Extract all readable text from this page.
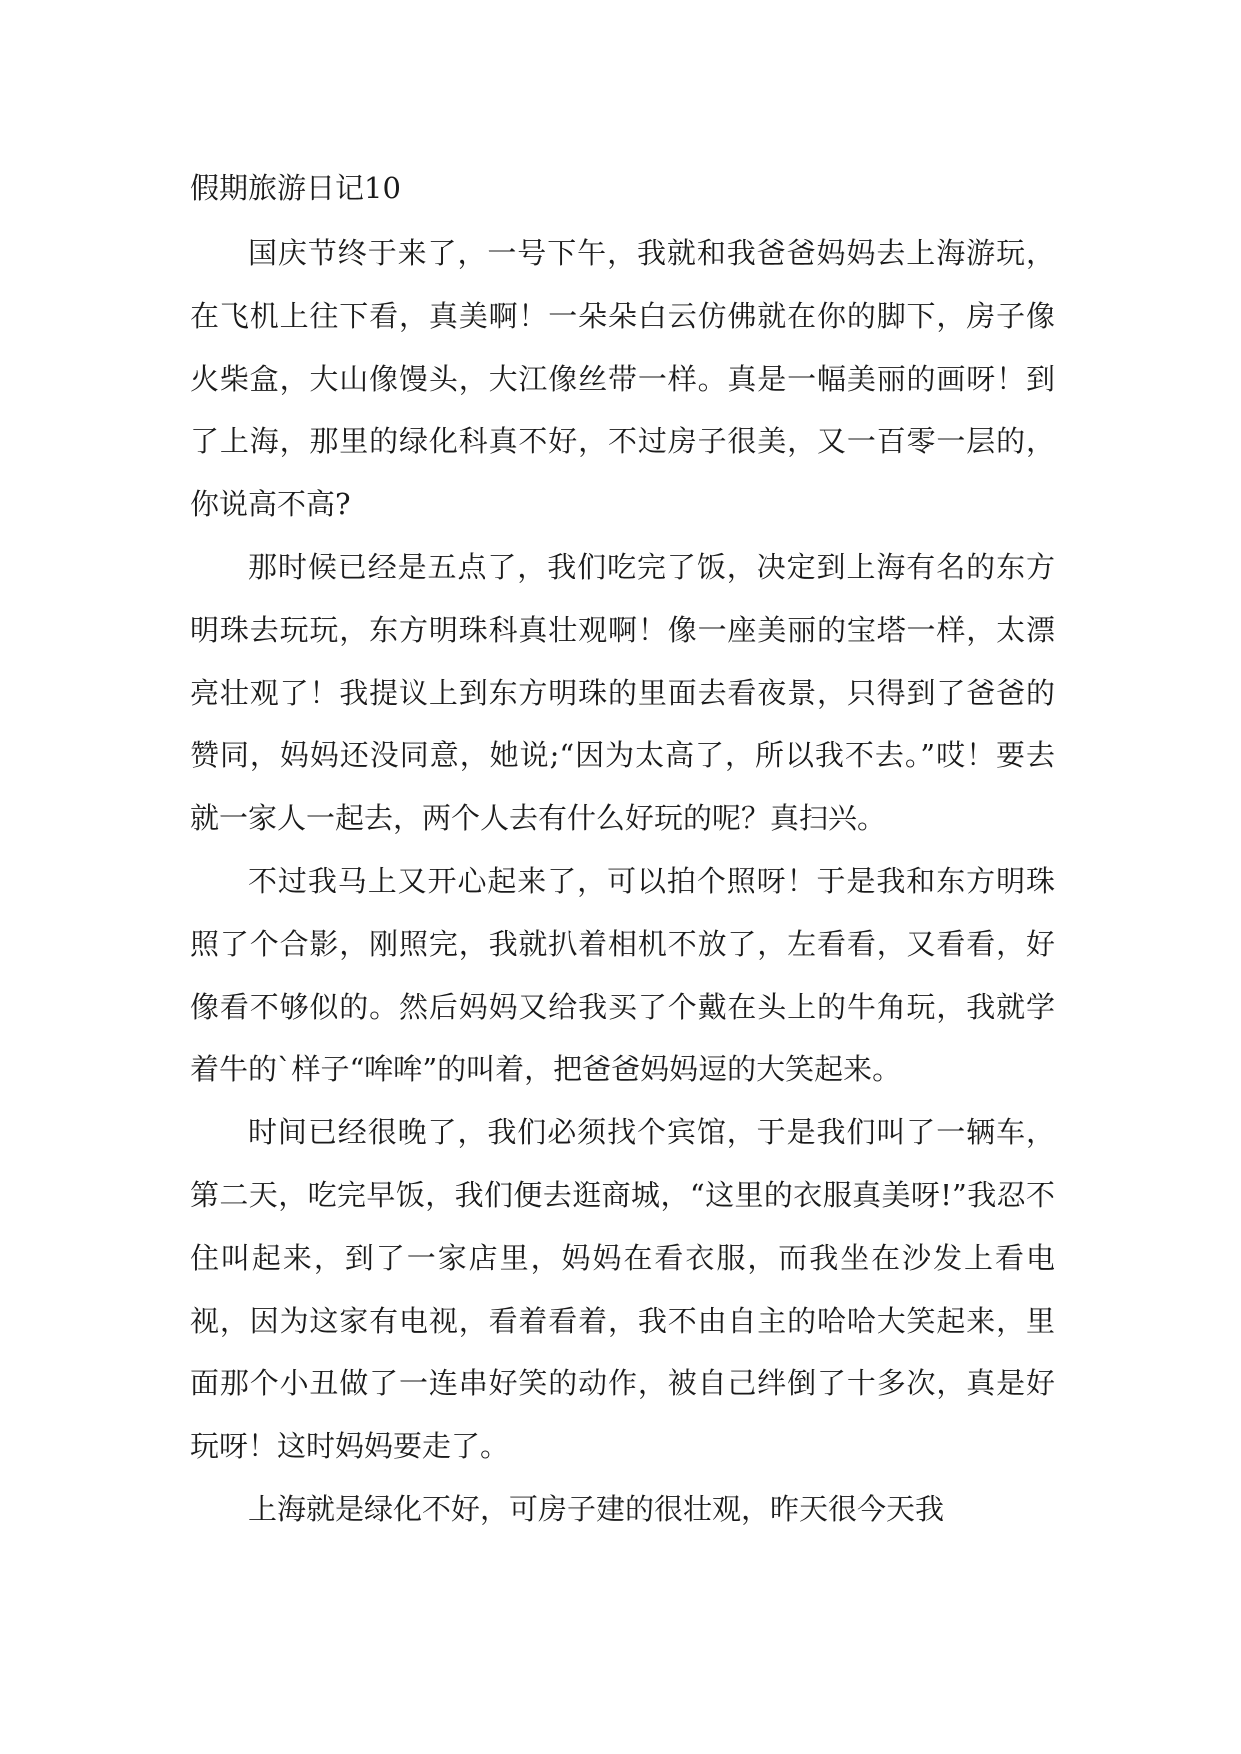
假期旅游日记10

国庆节终于来了，一号下午，我就和我爸爸妈妈去上海游玩，在飞机上往下看，真美啊！一朵朵白云仿佛就在你的脚下，房子像火柴盒，大山像馒头，大江像丝带一样。真是一幅美丽的画呀！到了上海，那里的绿化科真不好，不过房子很美，又一百零一层的，你说高不高?

那时候已经是五点了，我们吃完了饭，决定到上海有名的东方明珠去玩玩，东方明珠科真壮观啊！像一座美丽的宝塔一样，太漂亮壮观了！我提议上到东方明珠的里面去看夜景，只得到了爸爸的赞同，妈妈还没同意，她说;“因为太高了，所以我不去。”哎！要去就一家人一起去，两个人去有什么好玩的呢？真扫兴。

不过我马上又开心起来了，可以拍个照呀！于是我和东方明珠照了个合影，刚照完，我就扒着相机不放了，左看看，又看看，好像看不够似的。然后妈妈又给我买了个戴在头上的牛角玩，我就学着牛的`样子“哞哞”的叫着，把爸爸妈妈逗的大笑起来。

时间已经很晚了，我们必须找个宾馆，于是我们叫了一辆车，第二天，吃完早饭，我们便去逛商城，“这里的衣服真美呀!”我忍不住叫起来，到了一家店里，妈妈在看衣服，而我坐在沙发上看电视，因为这家有电视，看着看着，我不由自主的哈哈大笑起来，里面那个小丑做了一连串好笑的动作，被自己绊倒了十多次，真是好玩呀！这时妈妈要走了。

上海就是绿化不好，可房子建的很壮观，昨天很今天我
